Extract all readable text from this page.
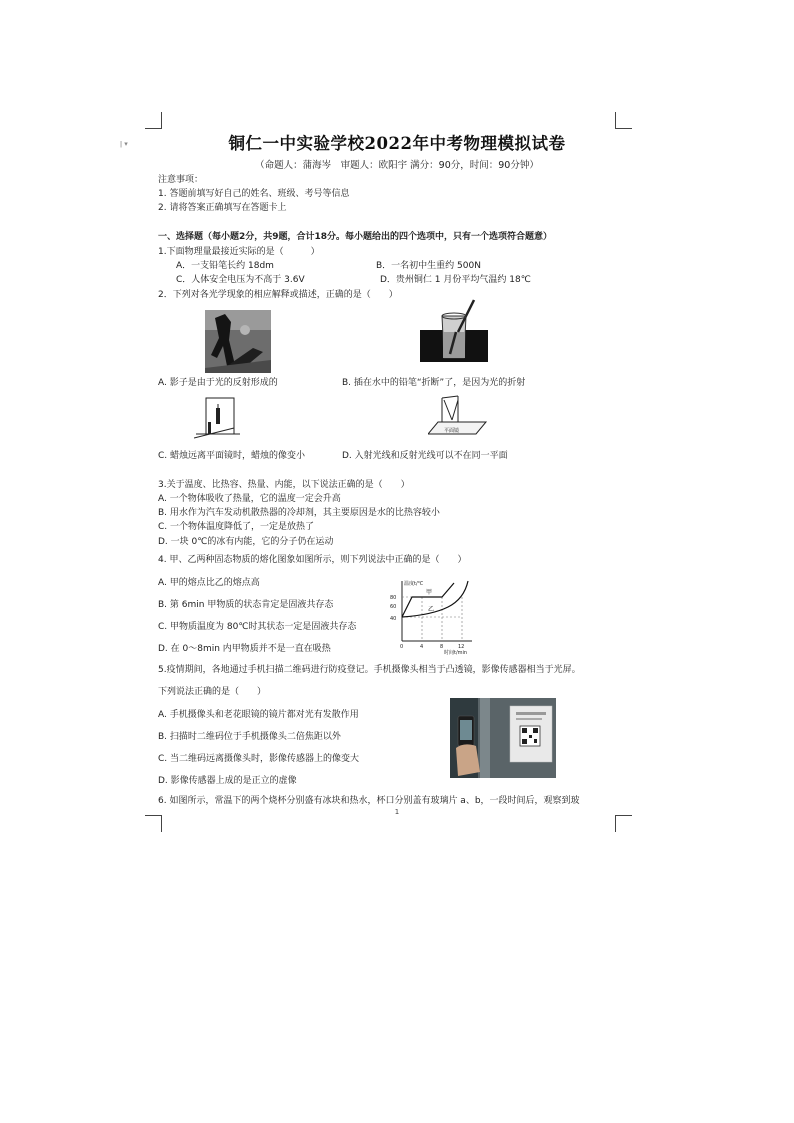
ǀ ▾	铜仁一中实验学校2022年中考物理模拟试卷
（命题人：蒲海岑　审题人：欧阳宇 满分：90分，时间：90分钟）
注意事项：
1. 答题前填写好自己的姓名、班级、考号等信息
2. 请将答案正确填写在答题卡上
一、选择题（每小题2分，共9题，合计18分。每小题给出的四个选项中，只有一个选项符合题意）
1.下面物理量最接近实际的是（　　　）
A．一支铅笔长约 18dm	B．一名初中生重约 500N
C．人体安全电压为不高于 3.6V	D．贵州铜仁 1 月份平均气温约 18℃
2．下列对各光学现象的相应解释或描述，正确的是（　　）
A. 影子是由于光的反射形成的	B. 插在水中的铅笔“折断”了，是因为光的折射
平面镜
C. 蜡烛远离平面镜时，蜡烛的像变小	D. 入射光线和反射光线可以不在同一平面
3.关于温度、比热容、热量、内能，以下说法正确的是（　　）
A. 一个物体吸收了热量，它的温度一定会升高
B. 用水作为汽车发动机散热器的冷却剂，其主要原因是水的比热容较小
C. 一个物体温度降低了，一定是放热了
D. 一块 0℃的冰有内能，它的分子仍在运动
4. 甲、乙两种固态物质的熔化图象如图所示，则下列说法中正确的是（　　）
A. 甲的熔点比乙的熔点高
B. 第 6min 甲物质的状态肯定是固液共存态
C. 甲物质温度为 80℃时其状态一定是固液共存态
D. 在 0～8min 内甲物质并不是一直在吸热
温度t/℃
80
60
40
0	4	8	12
时间t/min
甲
乙
5.疫情期间，各地通过手机扫描二维码进行防疫登记。手机摄像头相当于凸透镜，影像传感器相当于光屏。
下列说法正确的是（　　）
A. 手机摄像头和老花眼镜的镜片都对光有发散作用
B. 扫描时二维码位于手机摄像头二倍焦距以外
C. 当二维码远离摄像头时，影像传感器上的像变大
D. 影像传感器上成的是正立的虚像
6. 如图所示，常温下的两个烧杯分别盛有冰块和热水，杯口分别盖有玻璃片 a、b，一段时间后，观察到玻
1
